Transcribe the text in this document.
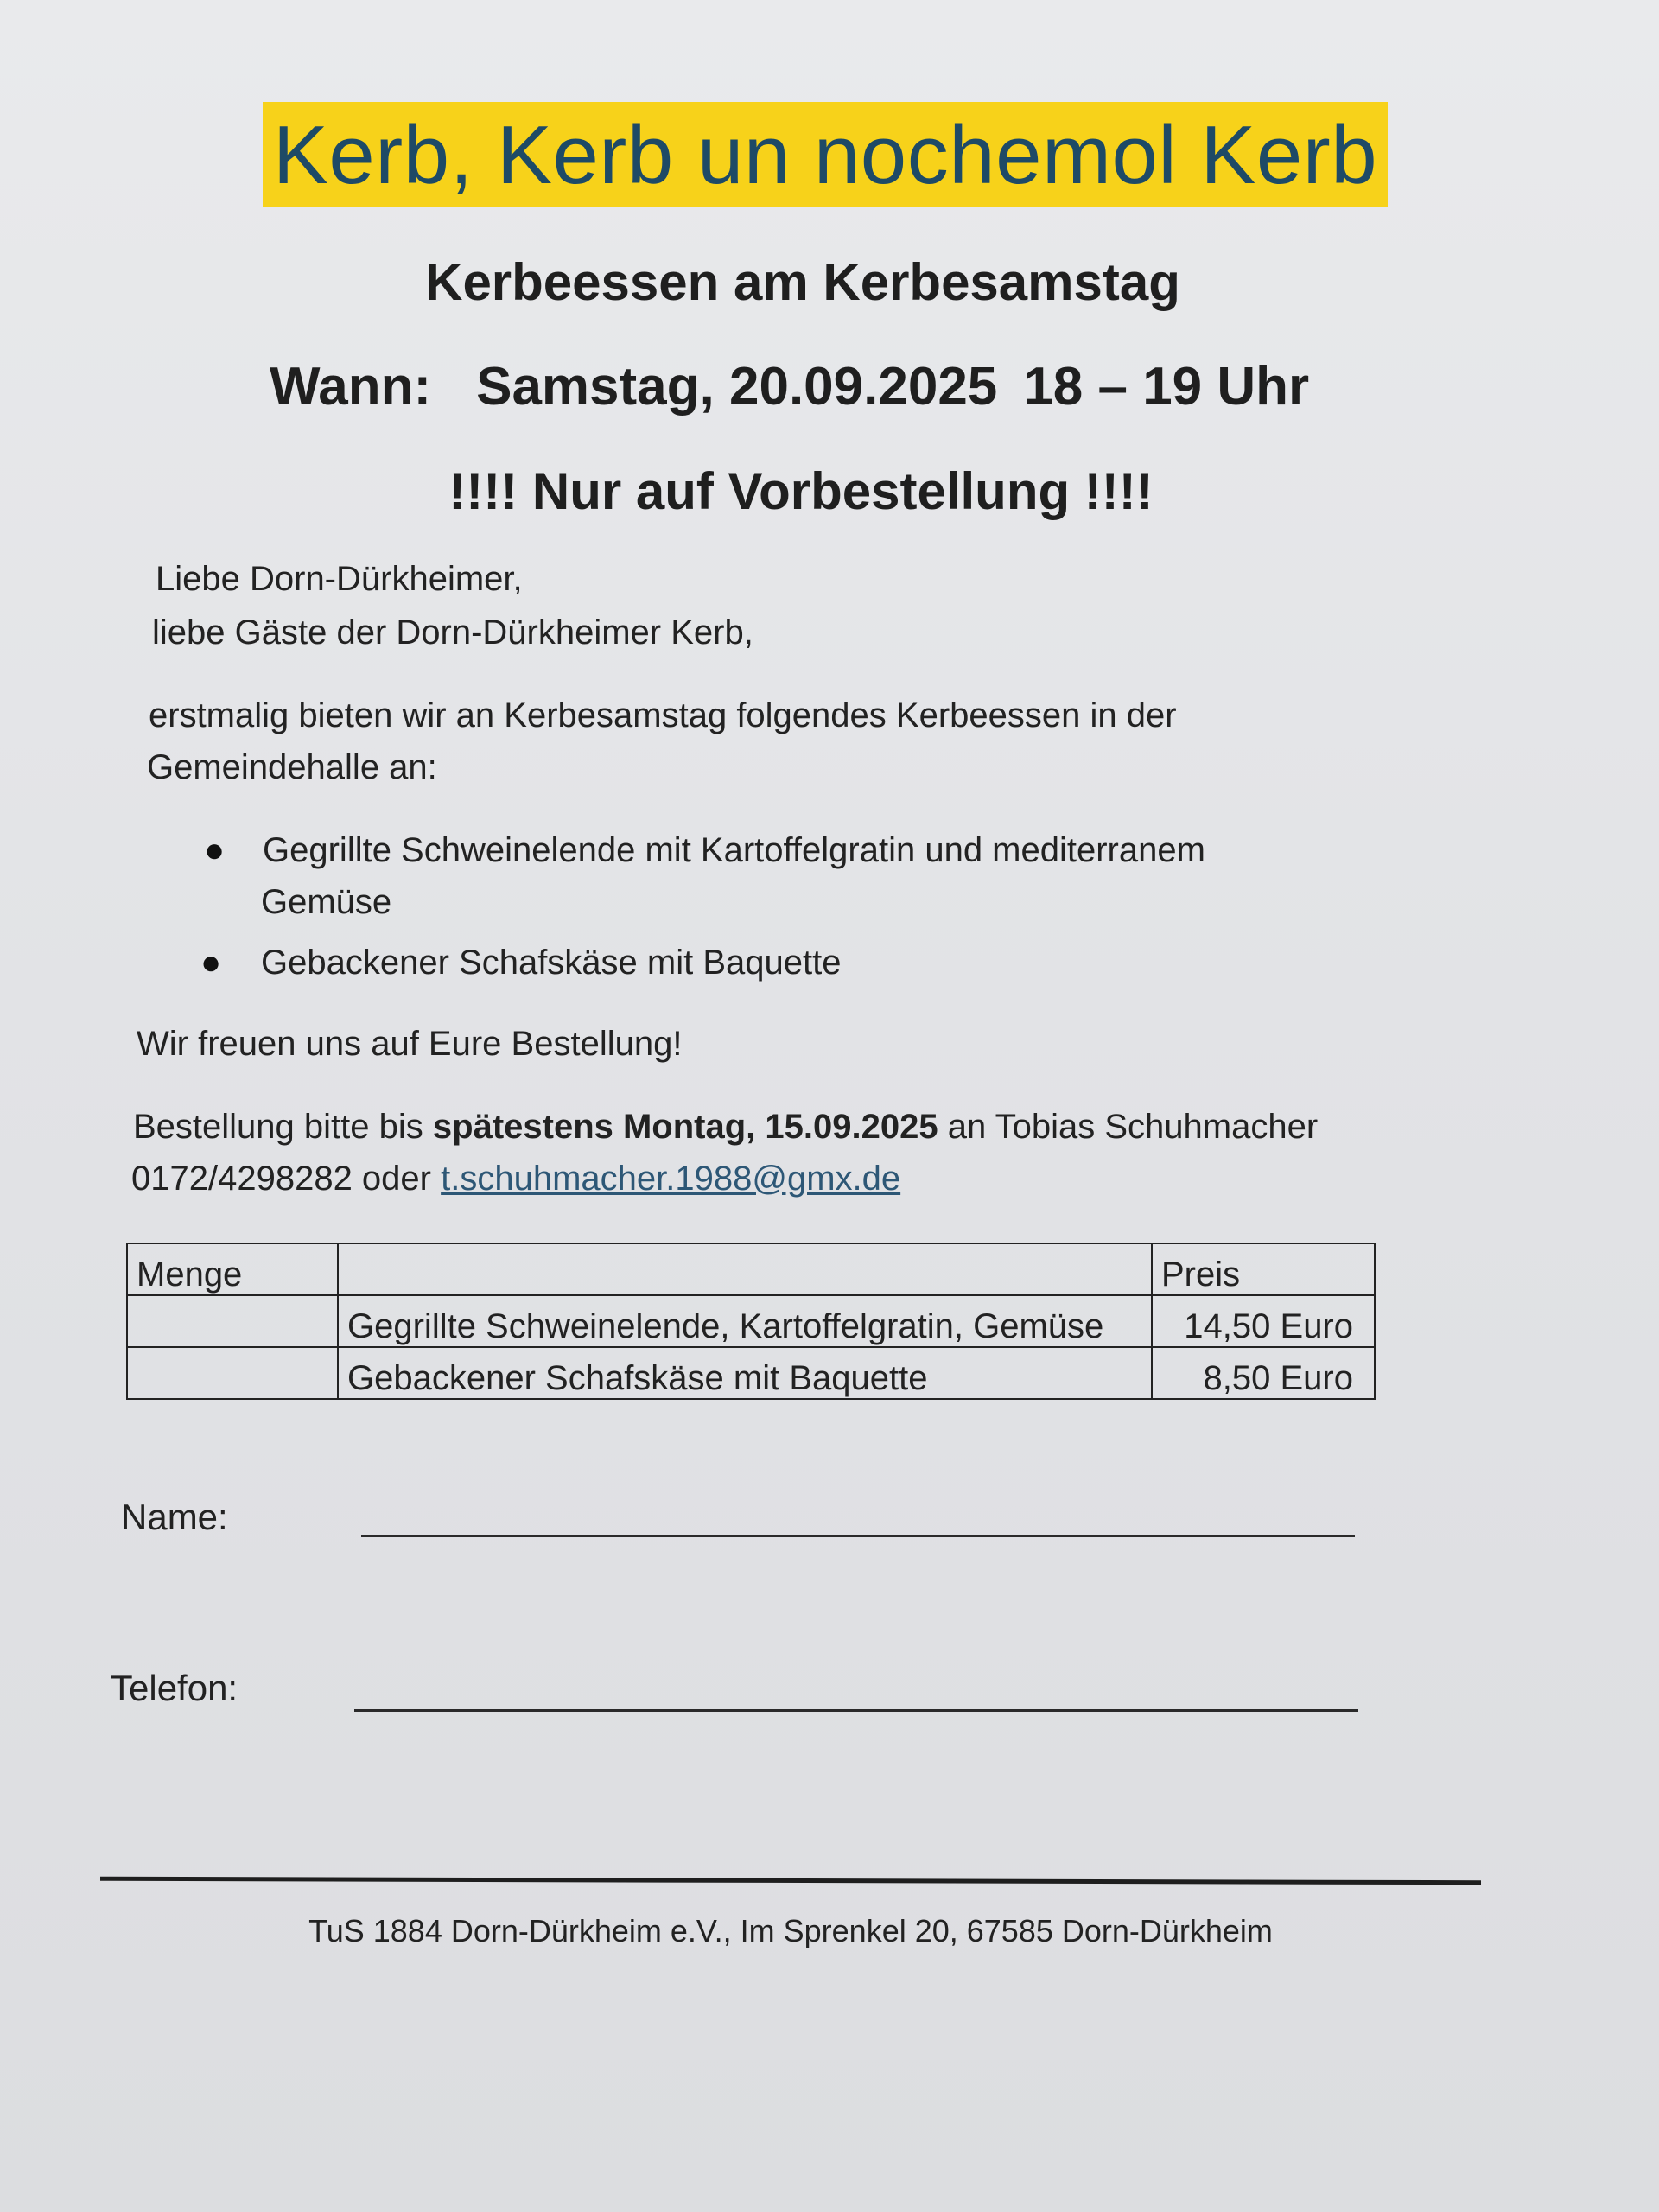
Kerb, Kerb un nochemol Kerb
Kerbeessen am Kerbesamstag
Wann: Samstag, 20.09.2025 18 – 19 Uhr
!!!! Nur auf Vorbestellung !!!!
Liebe Dorn-Dürkheimer,
liebe Gäste der Dorn-Dürkheimer Kerb,
erstmalig bieten wir an Kerbesamstag folgendes Kerbeessen in der
Gemeindehalle an:
● Gegrillte Schweinelende mit Kartoffelgratin und mediterranem
Gemüse
● Gebackener Schafskäse mit Baquette
Wir freuen uns auf Eure Bestellung!
Bestellung bitte bis spätestens Montag, 15.09.2025 an Tobias Schuhmacher
0172/4298282 oder t.schuhmacher.1988@gmx.de
Menge		Preis
	Gegrillte Schweinelende, Kartoffelgratin, Gemüse	14,50 Euro
	Gebackener Schafskäse mit Baquette	8,50 Euro
Name:
Telefon:
TuS 1884 Dorn-Dürkheim e.V., Im Sprenkel 20, 67585 Dorn-Dürkheim
